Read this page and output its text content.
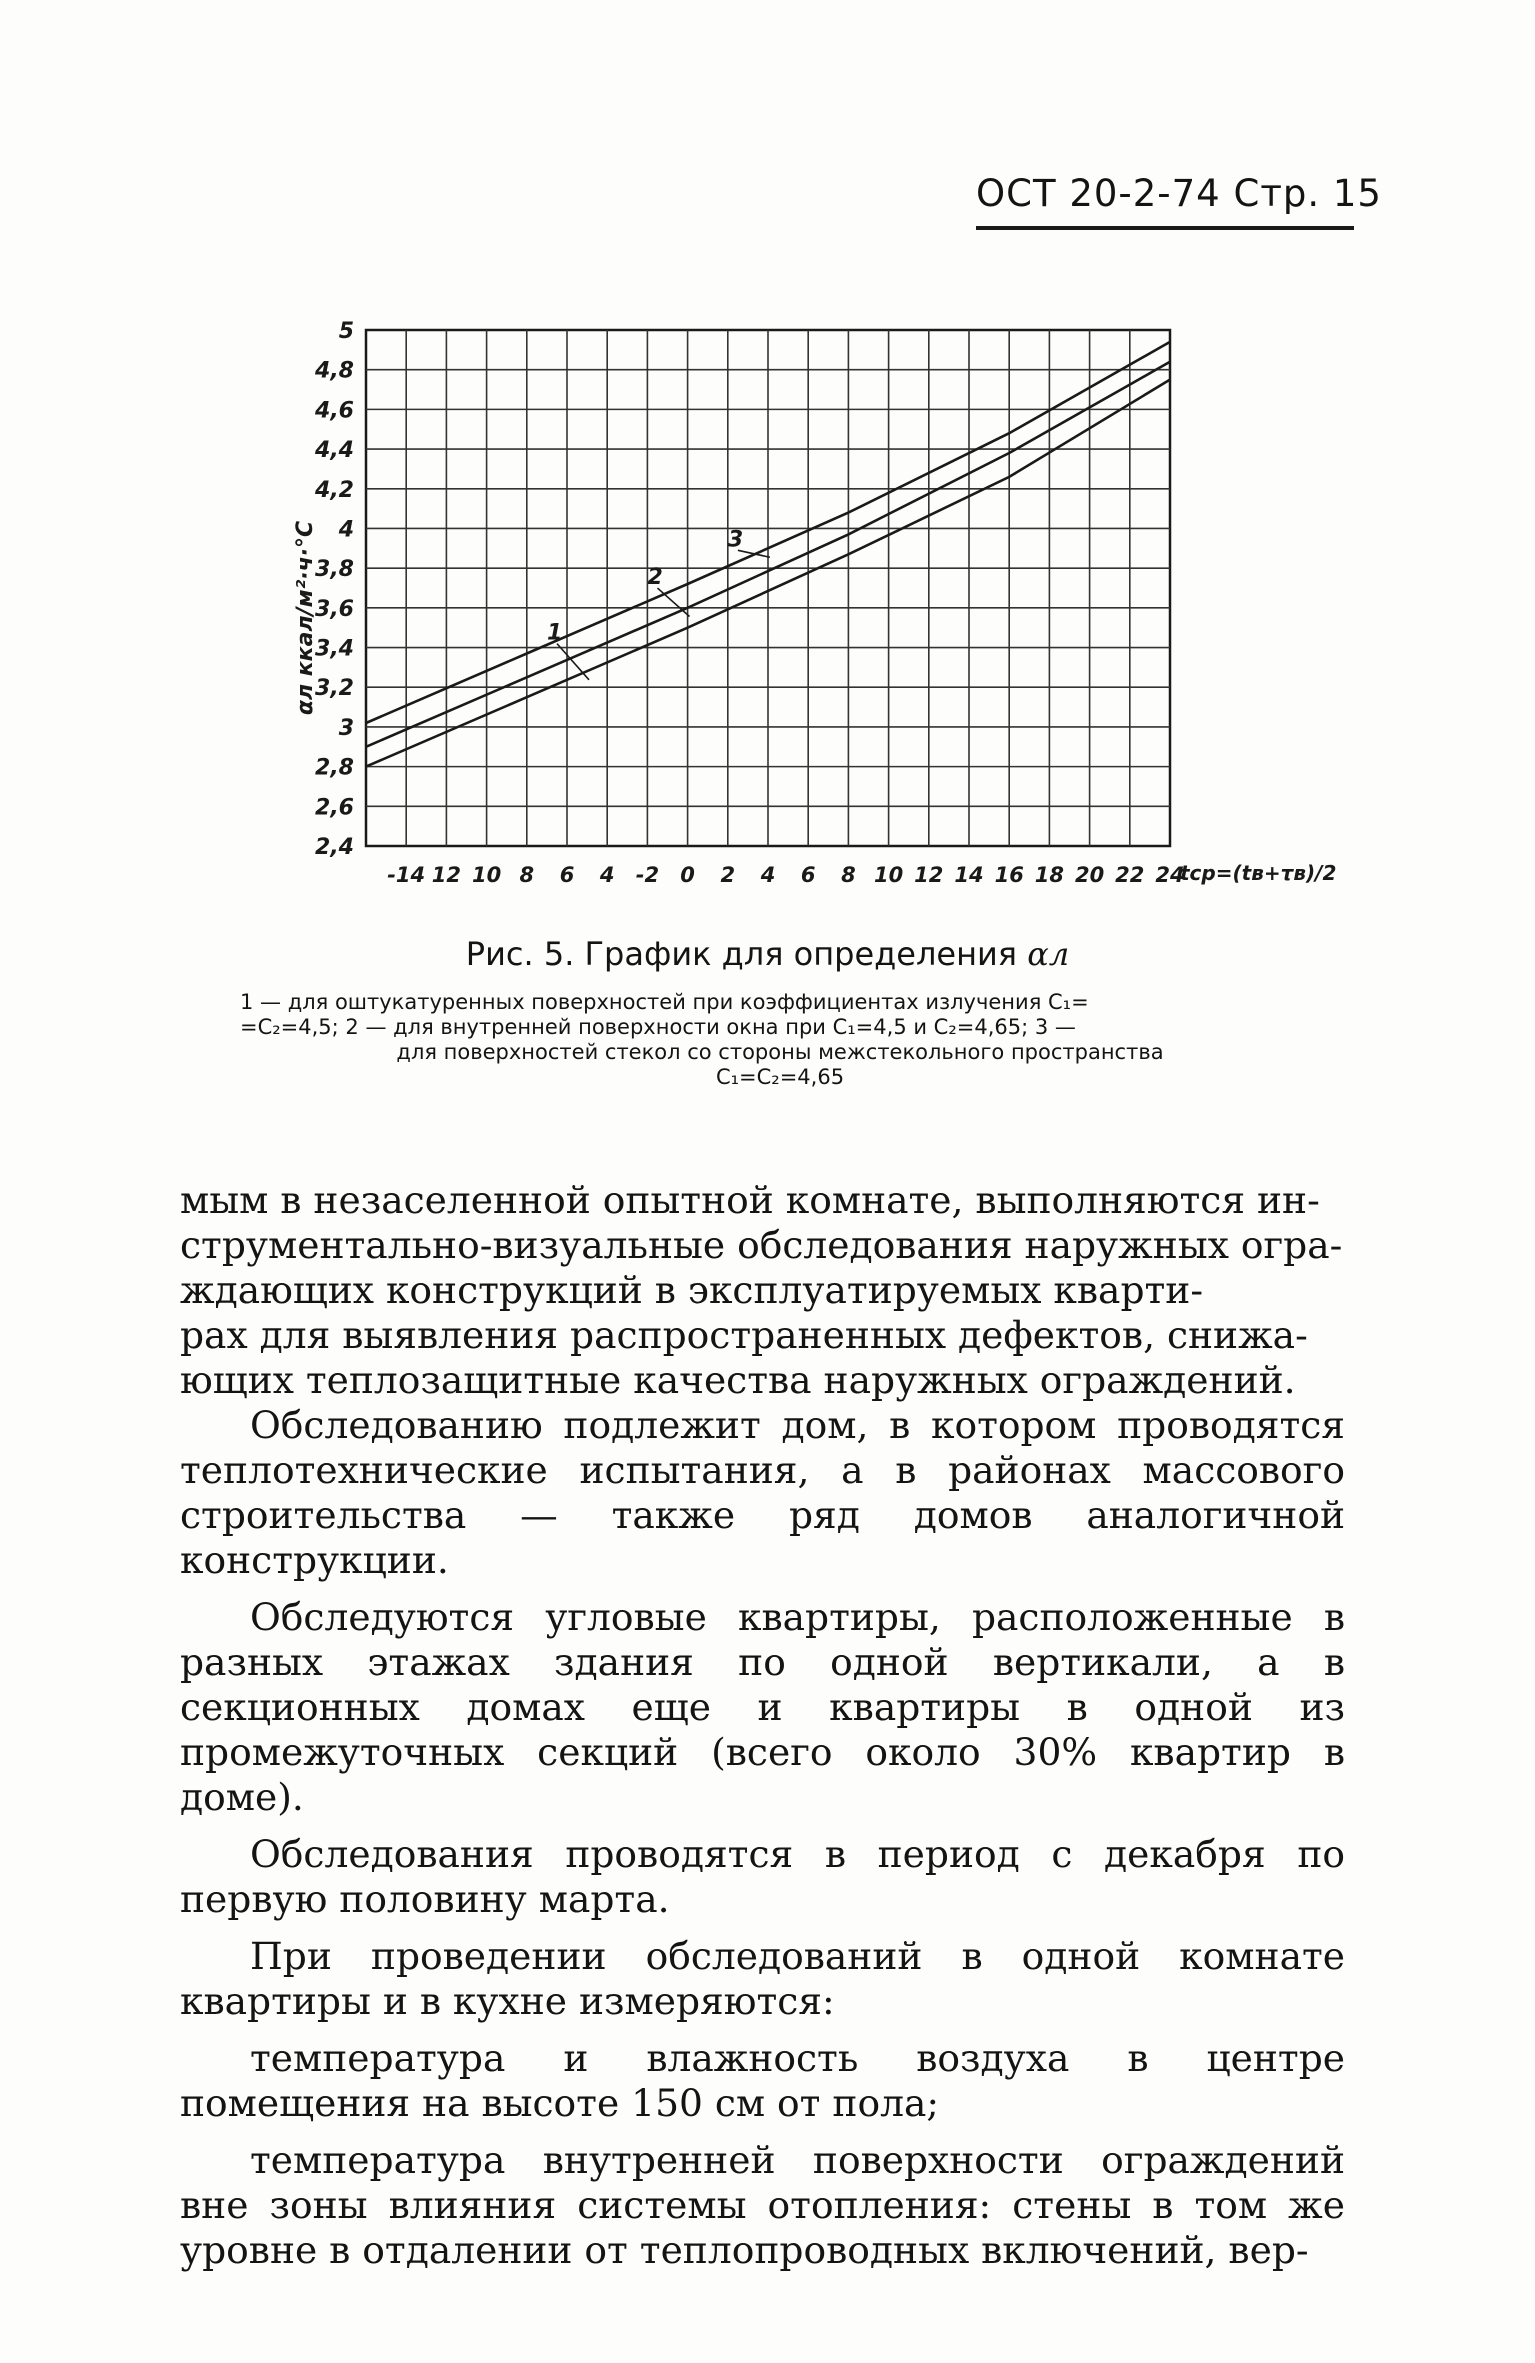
ОСТ 20-2-74 Стр. 15
5
4,8
4,6
4,4
4,2
4
3,8
3,6
3,4
3,2
3
2,8
2,6
2,4
-14 12 10 8 6 4 -2 0 2 4 6 8 10 12 14 16 18 20 22 24
αл ккал/м²·ч·°С
tср=(tв+τв)/2
1
2
3
Рис. 5. График для определения αл
1 — для оштукатуренных поверхностей при коэффициентах излучения C₁=
=C₂=4,5; 2 — для внутренней поверхности окна при C₁=4,5 и C₂=4,65; 3 —
для поверхностей стекол со стороны межстекольного пространства
C₁=C₂=4,65

мым в незаселенной опытной комнате, выполняются ин-

струментально-визуальные обследования наружных огра-

ждающих конструкций в эксплуатируемых кварти-

рах для выявления распространенных дефектов, снижа-

ющих теплозащитные качества наружных ограждений.

Обследованию подлежит дом, в котором проводятся теплотехнические испытания, а в районах массового строительства — также ряд домов аналогичной конструкции.

Обследуются угловые квартиры, расположенные в разных этажах здания по одной вертикали, а в секционных домах еще и квартиры в одной из промежуточных секций (всего около 30% квартир в доме).

Обследования проводятся в период с декабря по первую половину марта.

При проведении обследований в одной комнате квартиры и в кухне измеряются:

температура и влажность воздуха в центре помещения на высоте 150 см от пола;

температура внутренней поверхности ограждений вне зоны влияния системы отопления: стены в том же уровне в отдалении от теплопроводных включений, вер-
